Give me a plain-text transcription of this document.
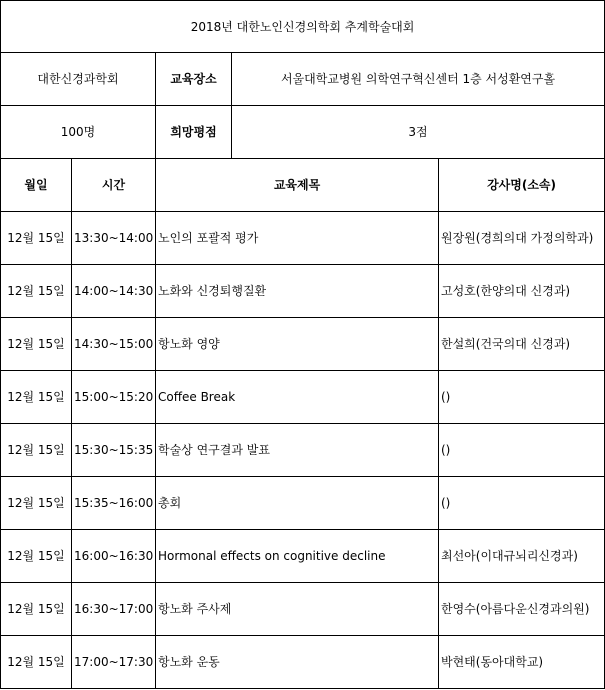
2018년 대한노인신경의학회 추계학술대회				
대한신경과학회		교육장소	서울대학교병원 의학연구혁신센터 1층 서성환연구홀	
100명		희망평점	3점	
월일	시간	교육제목		강사명(소속)
12월 15일	13:30~14:00	노인의 포괄적 평가		원장원(경희의대 가정의학과)
12월 15일	14:00~14:30	노화와 신경퇴행질환		고성호(한양의대 신경과)
12월 15일	14:30~15:00	항노화 영양		한설희(건국의대 신경과)
12월 15일	15:00~15:20	Coffee Break		()
12월 15일	15:30~15:35	학술상 연구결과 발표		()
12월 15일	15:35~16:00	총회		()
12월 15일	16:00~16:30	Hormonal effects on cognitive decline		최선아(이대규뇌리신경과)
12월 15일	16:30~17:00	항노화 주사제		한영수(아름다운신경과의원)
12월 15일	17:00~17:30	항노화 운동		박현태(동아대학교)
